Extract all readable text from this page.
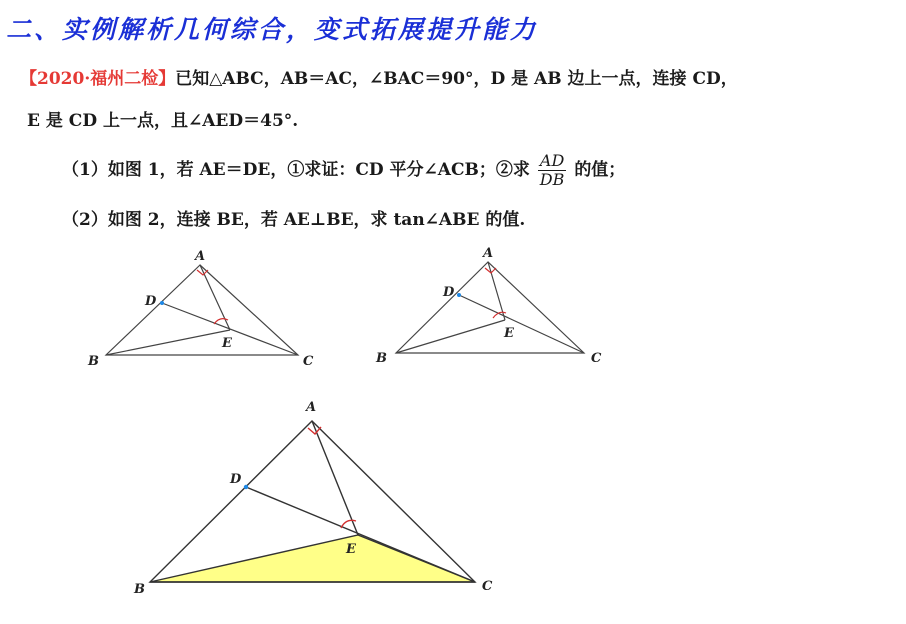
二、实例解析几何综合，变式拓展提升能力
【2020·福州二检】已知△ABC，AB＝AC，∠BAC＝90°，D 是 AB 边上一点，连接 CD，
E 是 CD 上一点，且∠AED＝45°.
（1）如图 1，若 AE＝DE，①求证：CD 平分∠ACB；②求 $\frac{AD}{DB}$ 的值；
（2）如图 2，连接 BE，若 AE⊥BE，求 tan∠ABE 的值.
A
B	C
D
E
A
B	C
D
E
A
B	C
D
E
